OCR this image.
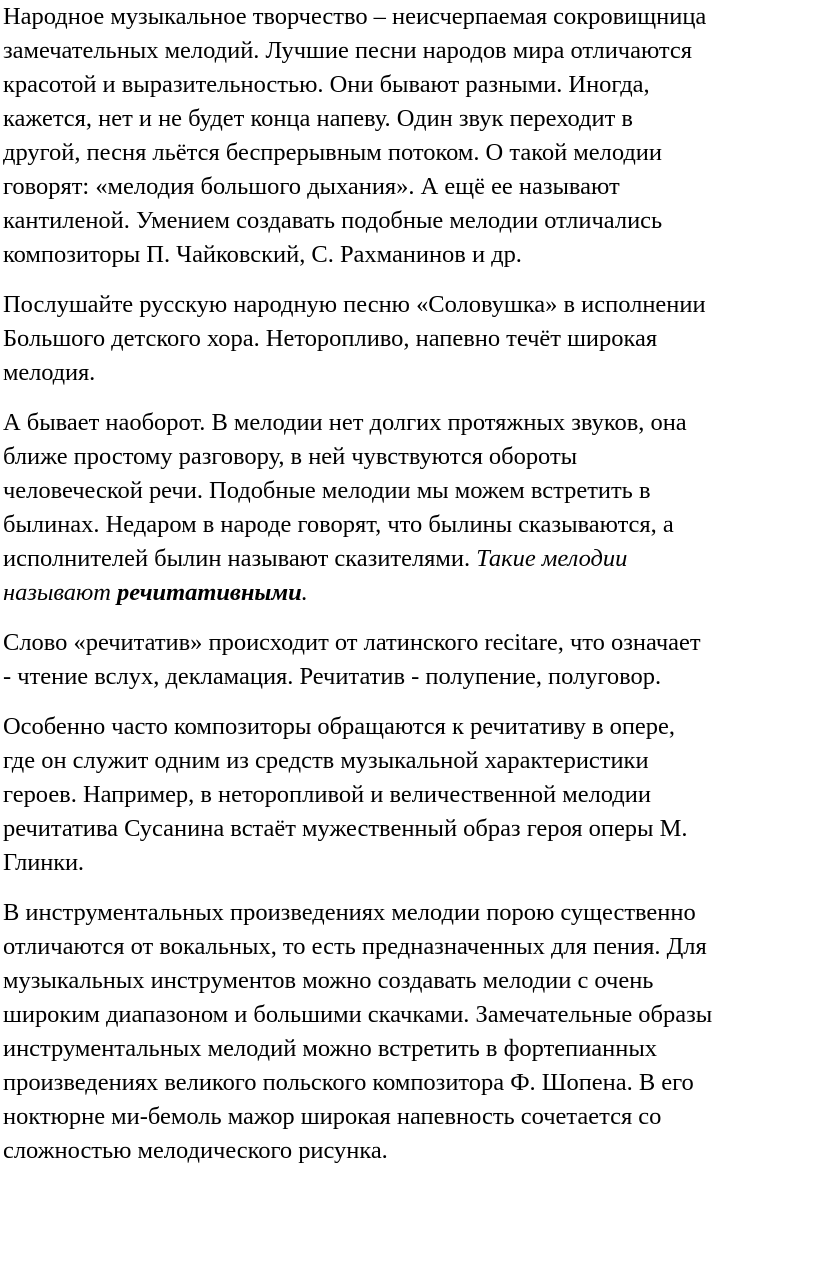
Народное музыкальное творчество – неисчерпаемая сокровищница
замечательных мелодий. Лучшие песни народов мира отличаются
красотой и выразительностью. Они бывают разными. Иногда,
кажется, нет и не будет конца напеву. Один звук переходит в
другой, песня льётся беспрерывным потоком. О такой мелодии
говорят: «мелодия большого дыхания». А ещё ее называют
кантиленой. Умением создавать подобные мелодии отличались
композиторы П. Чайковский, С. Рахманинов и др.

Послушайте русскую народную песню «Соловушка» в исполнении
Большого детского хора. Неторопливо, напевно течёт широкая
мелодия.

А бывает наоборот. В мелодии нет долгих протяжных звуков, она
ближе простому разговору, в ней чувствуются обороты
человеческой речи. Подобные мелодии мы можем встретить в
былинах. Недаром в народе говорят, что былины сказываются, а
исполнителей былин называют сказителями. Такие мелодии
называют речитативными.

Слово «речитатив» происходит от латинского recitare, что означает
- чтение вслух, декламация. Речитатив - полупение, полуговор.

Особенно часто композиторы обращаются к речитативу в опере,
где он служит одним из средств музыкальной характеристики
героев. Например, в неторопливой и величественной мелодии
речитатива Сусанина встаёт мужественный образ героя оперы М.
Глинки.

В инструментальных произведениях мелодии порою существенно
отличаются от вокальных, то есть предназначенных для пения. Для
музыкальных инструментов можно создавать мелодии с очень
широким диапазоном и большими скачками. Замечательные образы
инструментальных мелодий можно встретить в фортепианных
произведениях великого польского композитора Ф. Шопена. В его
ноктюрне ми-бемоль мажор широкая напевность сочетается со
сложностью мелодического рисунка.
